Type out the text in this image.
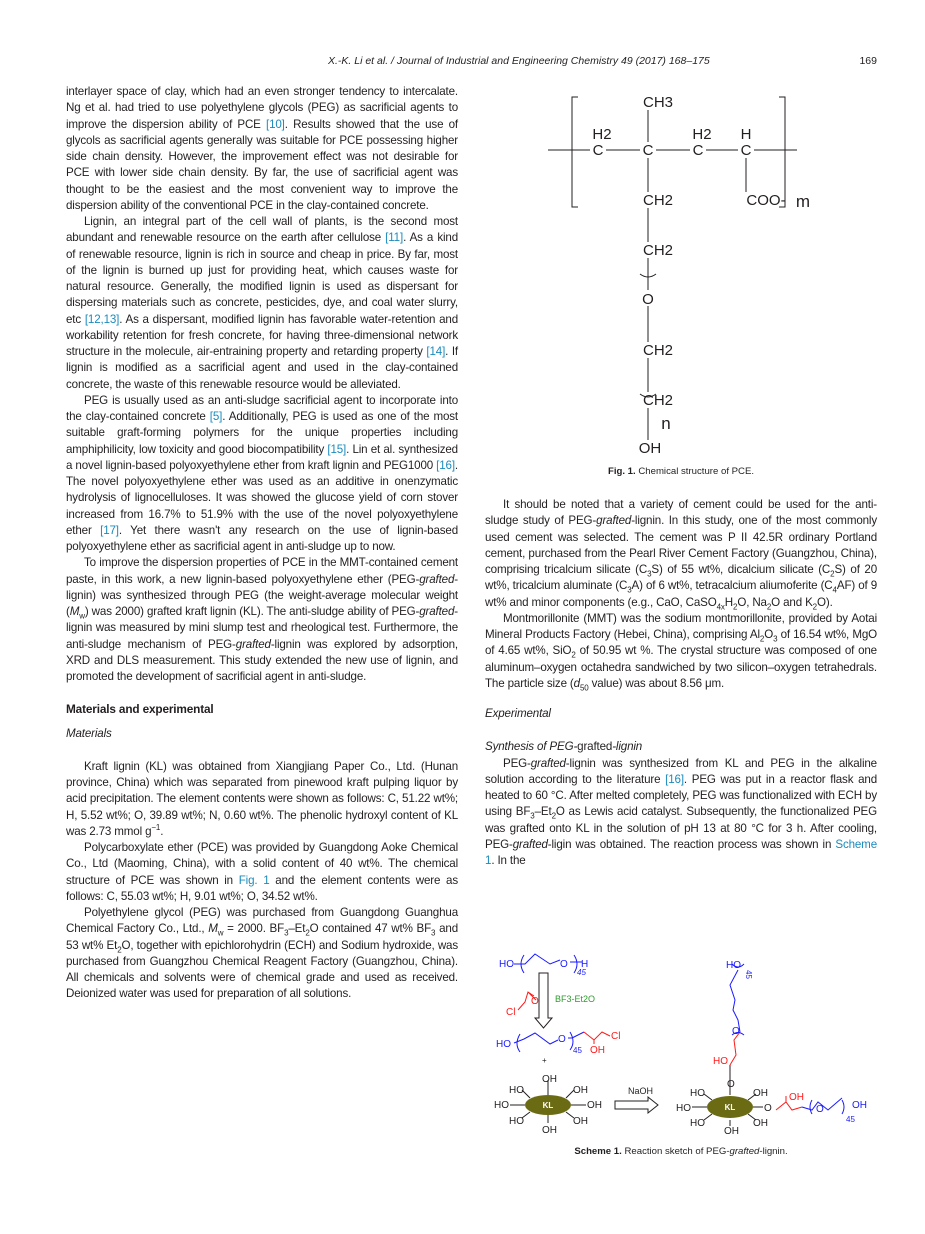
X.-K. Li et al. / Journal of Industrial and Engineering Chemistry 49 (2017) 168–175	169

interlayer space of clay, which had an even stronger tendency to intercalate. Ng et al. had tried to use polyethylene glycols (PEG) as sacrificial agents to improve the dispersion ability of PCE [10]. Results showed that the use of glycols as sacrificial agents generally was suitable for PCE possessing higher side chain density. However, the improvement effect was not desirable for PCE with lower side chain density. By far, the use of sacrificial agent was thought to be the easiest and the most convenient way to improve the dispersion ability of the conventional PCE in the clay-contained concrete.

Lignin, an integral part of the cell wall of plants, is the second most abundant and renewable resource on the earth after cellulose [11]. As a kind of renewable resource, lignin is rich in source and cheap in price. By far, most of the lignin is burned up just for providing heat, which causes waste for natural resource. Generally, the modified lignin is used as dispersant for dispersing materials such as concrete, pesticides, dye, and coal water slurry, etc [12,13]. As a dispersant, modified lignin has favorable water-retention and workability retention for fresh concrete, for having three-dimensional network structure in the molecule, air-entraining property and retarding property [14]. If lignin is modified as a sacrificial agent and used in the clay-contained concrete, the waste of this renewable resource would be alleviated.

PEG is usually used as an anti-sludge sacrificial agent to incorporate into the clay-contained concrete [5]. Additionally, PEG is used as one of the most suitable graft-forming polymers for the unique properties including amphiphilicity, low toxicity and good biocompatibility [15]. Lin et al. synthesized a novel lignin-based polyoxyethylene ether from kraft lignin and PEG1000 [16]. The novel polyoxyethylene ether was used as an additive in onenzymatic hydrolysis of lignocelluloses. It was showed the glucose yield of corn stover increased from 16.7% to 51.9% with the use of the novel polyoxyethylene ether [17]. Yet there wasn't any research on the use of lignin-based polyoxyethylene ether as sacrificial agent in anti-sludge up to now.

To improve the dispersion properties of PCE in the MMT-contained cement paste, in this work, a new lignin-based polyoxyethylene ether (PEG-grafted-lignin) was synthesized through PEG (the weight-average molecular weight $(M_w)$ was 2000) grafted kraft lignin (KL). The anti-sludge ability of PEG-grafted-lignin was measured by mini slump test and rheological test. Furthermore, the anti-sludge mechanism of PEG-grafted-lignin was explored by adsorption, XRD and DLS measurement. This study extended the new use of lignin, and promoted the development of sacrificial agent in anti-sludge.

Materials and experimental
Materials

Kraft lignin (KL) was obtained from Xiangjiang Paper Co., Ltd. (Hunan province, China) which was separated from pinewood kraft pulping liquor by acid precipitation. The element contents were shown as follows: C, 51.22 wt%; H, 5.52 wt%; O, 39.89 wt%; N, 0.60 wt%. The phenolic hydroxyl content of KL was 2.73 mmol $g^{-1}$.

Polycarboxylate ether (PCE) was provided by Guangdong Aoke Chemical Co., Ltd (Maoming, China), with a solid content of 40 wt%. The chemical structure of PCE was shown in Fig. 1 and the element contents were as follows: C, 55.03 wt%; H, 9.01 wt%; O, 34.52 wt%.

Polyethylene glycol (PEG) was purchased from Guangdong Guanghua Chemical Factory Co., Ltd., $M_w = 2000$. $BF_3-Et_2O$ contained 47 wt% $BF_3$ and 53 wt% $Et_2O$, together with epichlorohydrin (ECH) and Sodium hydroxide, was purchased from Guangzhou Chemical Reagent Factory (Guangzhou, China). All chemicals and solvents were of chemical grade and used as received. Deionized water was used for preparation of all solutions.

CH3
H2
C	C
H2
C
H
C
CH2	COO- m
CH2
O
CH2
CH2
n
OH
Fig. 1. Chemical structure of PCE.

It should be noted that a variety of cement could be used for the anti- sludge study of PEG-grafted-lignin. In this study, one of the most commonly used cement was selected. The cement was P II 42.5R ordinary Portland cement, purchased from the Pearl River Cement Factory (Guangzhou, China), comprising tricalcium silicate $(C_3S)$ of 55 wt%, dicalcium silicate $(C_2S)$ of 20 wt%, tricalcium aluminate $(C_3A)$ of 6 wt%, tetracalcium aliumoferite $(C_4AF)$ of 9 wt% and minor components (e.g., CaO, $CaSO_{4x}H_2O$, $Na_2O$ and $K_2O$).

Montmorillonite (MMT) was the sodium montmorillonite, provided by Aotai Mineral Products Factory (Hebei, China), comprising $Al_2O_3$ of 16.54 wt%, MgO of 4.65 wt%, SiO$_2$ of 50.95 wt %. The crystal structure was composed of one aluminum–oxygen octahedra sandwiched by two silicon–oxygen tetrahedrals. The particle size ($d_{50}$ value) was about 8.56 μm.

Experimental
Synthesis of PEG-grafted-lignin

PEG-grafted-lignin was synthesized from KL and PEG in the alkaline solution according to the literature [16]. PEG was put in a reactor flask and heated to 60 °C. After melted completely, PEG was functionalized with ECH by using $BF_3-Et_2O$ as Lewis acid catalyst. Subsequently, the functionalized PEG was grafted onto KL in the solution of pH 13 at 80 °C for 3 h. After cooling, PEG-grafted-ligin was obtained. The reaction process was shown in Scheme 1. In the

HO	O H
45
HO	O
45
HO
45
O
O	OH
45
Cl
O
Cl
OH
HO
OH
BF3-Et2O
+
NaOH
OH
HO	OH
HO	OH
HO	OH
OH
O
HO	OH
HO	O
HO	OH
OH
KL	KL
Scheme 1. Reaction sketch of PEG-grafted-lignin.
